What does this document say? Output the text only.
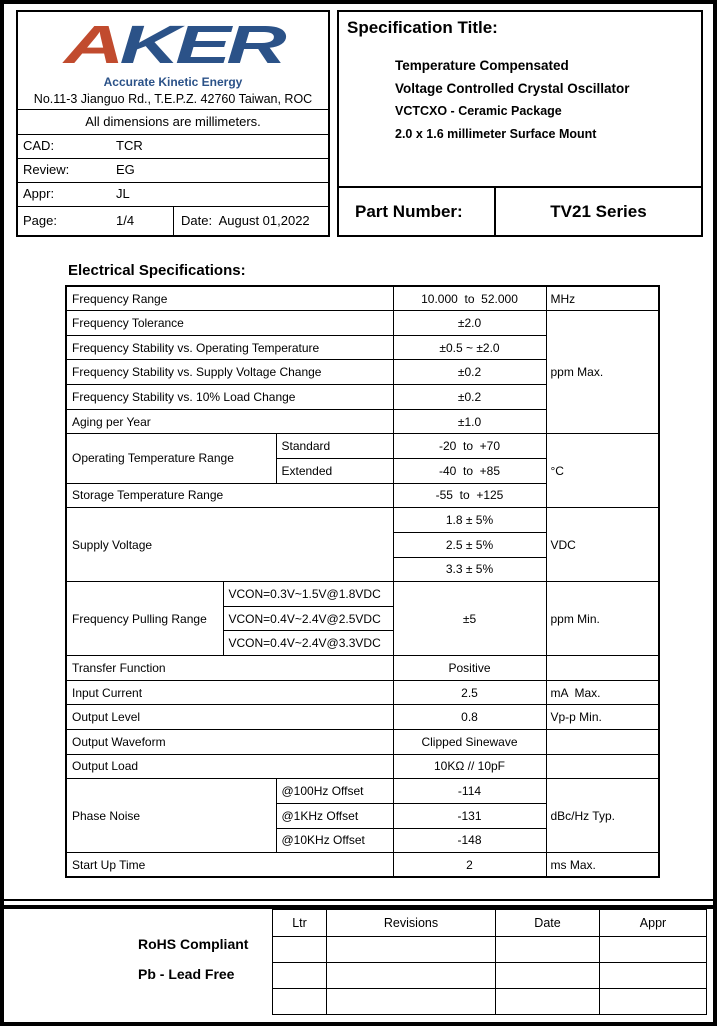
A KER
Accurate Kinetic Energy
No.11-3 Jianguo Rd., T.E.P.Z. 42760 Taiwan, ROC
All dimensions are millimeters.
CAD:	TCR
Review:	EG
Appr:	JL
Page:	1/4	Date:  August 01,2022
Specification Title:
Temperature Compensated
Voltage Controlled Crystal Oscillator
VCTCXO - Ceramic Package
2.0 x 1.6 millimeter Surface Mount
Part Number:	TV21 Series
Electrical Specifications:
Frequency Range			10.000  to  52.000	MHz
Frequency Tolerance			±2.0	ppm Max.
Frequency Stability vs. Operating Temperature			±0.5 ~ ±2.0	
Frequency Stability vs. Supply Voltage Change			±0.2	
Frequency Stability vs. 10% Load Change			±0.2	
Aging per Year			±1.0	
Operating Temperature Range		Standard	-20  to  +70	°C
		Extended	-40  to  +85	
Storage Temperature Range			-55  to  +125	
Supply Voltage			1.8 ± 5%	VDC
			2.5 ± 5%	
			3.3 ± 5%	
Frequency Pulling Range	VCON=0.3V~1.5V@1.8VDC		±5	ppm Min.
	VCON=0.4V~2.4V@2.5VDC			
	VCON=0.4V~2.4V@3.3VDC			
Transfer Function			Positive	
Input Current			2.5	mA  Max.
Output Level			0.8	Vp-p Min.
Output Waveform			Clipped Sinewave	
Output Load			10KΩ // 10pF	
Phase Noise		@100Hz Offset	-114	dBc/Hz Typ.
		@1KHz Offset	-131	
		@10KHz Offset	-148	
Start Up Time			2	ms Max.
RoHS Compliant
Pb - Lead Free
Ltr	Revisions	Date	Appr
